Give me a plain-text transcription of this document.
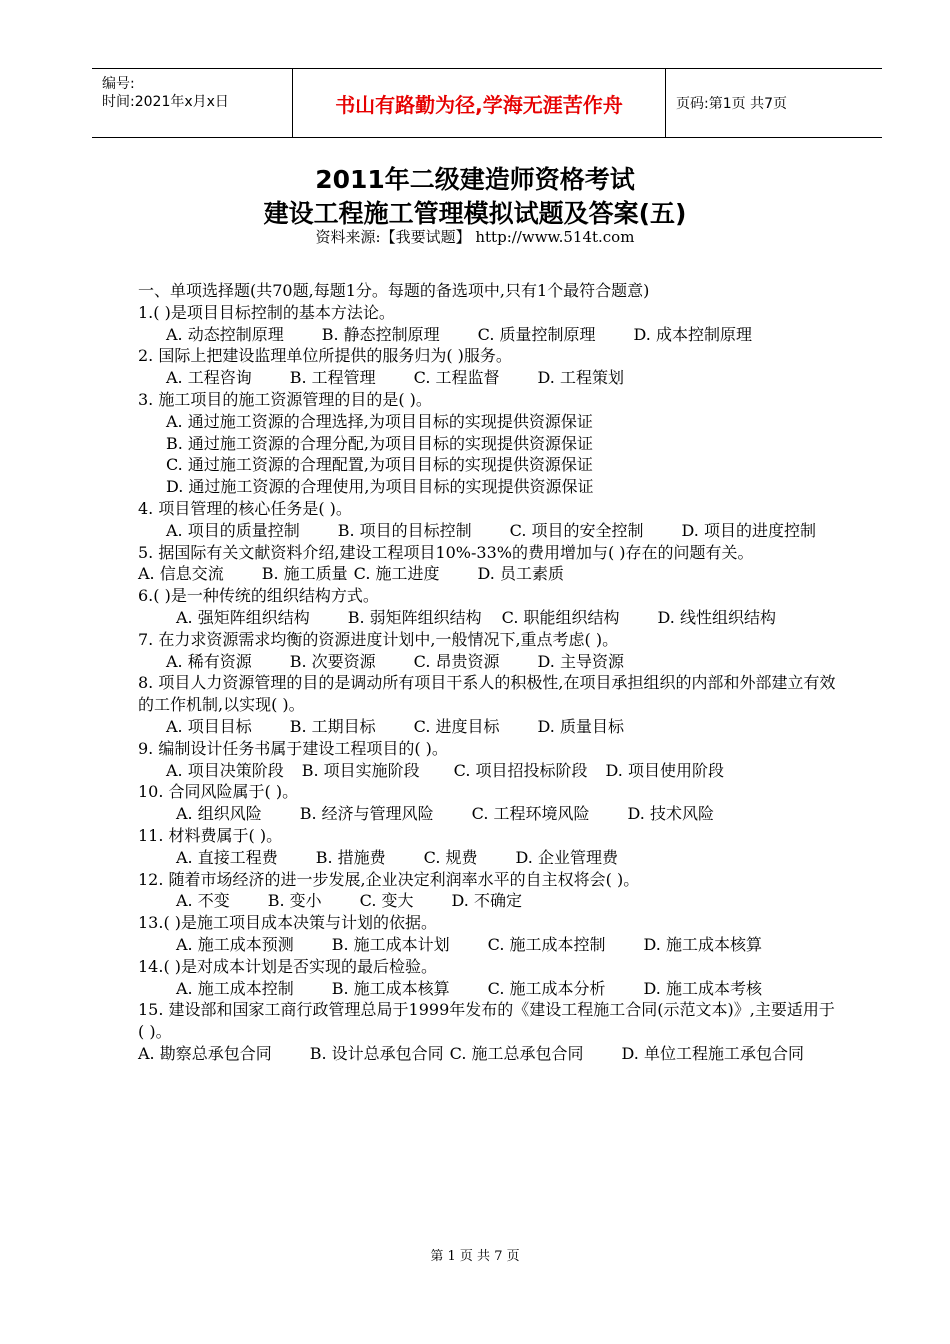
编号:
时间:2021年x月x日	书山有路勤为径,学海无涯苦作舟	页码:第1页 共7页
2011年二级建造师资格考试
建设工程施工管理模拟试题及答案(五)
资料来源:【我要试题】 http://www.514t.com
一、单项选择题(共70题,每题1分。每题的备选项中,只有1个最符合题意)
1.( )是项目目标控制的基本方法论。
A. 动态控制原理 B. 静态控制原理 C. 质量控制原理 D. 成本控制原理
2. 国际上把建设监理单位所提供的服务归为( )服务。
A. 工程咨询 B. 工程管理 C. 工程监督 D. 工程策划
3. 施工项目的施工资源管理的目的是( )。
A. 通过施工资源的合理选择,为项目目标的实现提供资源保证
B. 通过施工资源的合理分配,为项目目标的实现提供资源保证
C. 通过施工资源的合理配置,为项目目标的实现提供资源保证
D. 通过施工资源的合理使用,为项目目标的实现提供资源保证
4. 项目管理的核心任务是( )。
A. 项目的质量控制 B. 项目的目标控制 C. 项目的安全控制 D. 项目的进度控制
5. 据国际有关文献资料介绍,建设工程项目10%-33%的费用增加与( )存在的问题有关。
A. 信息交流 B. 施工质量 C. 施工进度 D. 员工素质
6.( )是一种传统的组织结构方式。
A. 强矩阵组织结构 B. 弱矩阵组织结构 C. 职能组织结构 D. 线性组织结构
7. 在力求资源需求均衡的资源进度计划中,一般情况下,重点考虑( )。
A. 稀有资源 B. 次要资源 C. 昂贵资源 D. 主导资源
8. 项目人力资源管理的目的是调动所有项目干系人的积极性,在项目承担组织的内部和外部建立有效的工作机制,以实现( )。
A. 项目目标 B. 工期目标 C. 进度目标 D. 质量目标
9. 编制设计任务书属于建设工程项目的( )。
A. 项目决策阶段 B. 项目实施阶段 C. 项目招投标阶段 D. 项目使用阶段
10. 合同风险属于( )。
A. 组织风险 B. 经济与管理风险 C. 工程环境风险 D. 技术风险
11. 材料费属于( )。
A. 直接工程费 B. 措施费 C. 规费 D. 企业管理费
12. 随着市场经济的进一步发展,企业决定利润率水平的自主权将会( )。
A. 不变 B. 变小 C. 变大 D. 不确定
13.( )是施工项目成本决策与计划的依据。
A. 施工成本预测 B. 施工成本计划 C. 施工成本控制 D. 施工成本核算
14.( )是对成本计划是否实现的最后检验。
A. 施工成本控制 B. 施工成本核算 C. 施工成本分析 D. 施工成本考核
15. 建设部和国家工商行政管理总局于1999年发布的《建设工程施工合同(示范文本)》,主要适用于( )。
A. 勘察总承包合同 B. 设计总承包合同 C. 施工总承包合同 D. 单位工程施工承包合同
第 1 页 共 7 页
